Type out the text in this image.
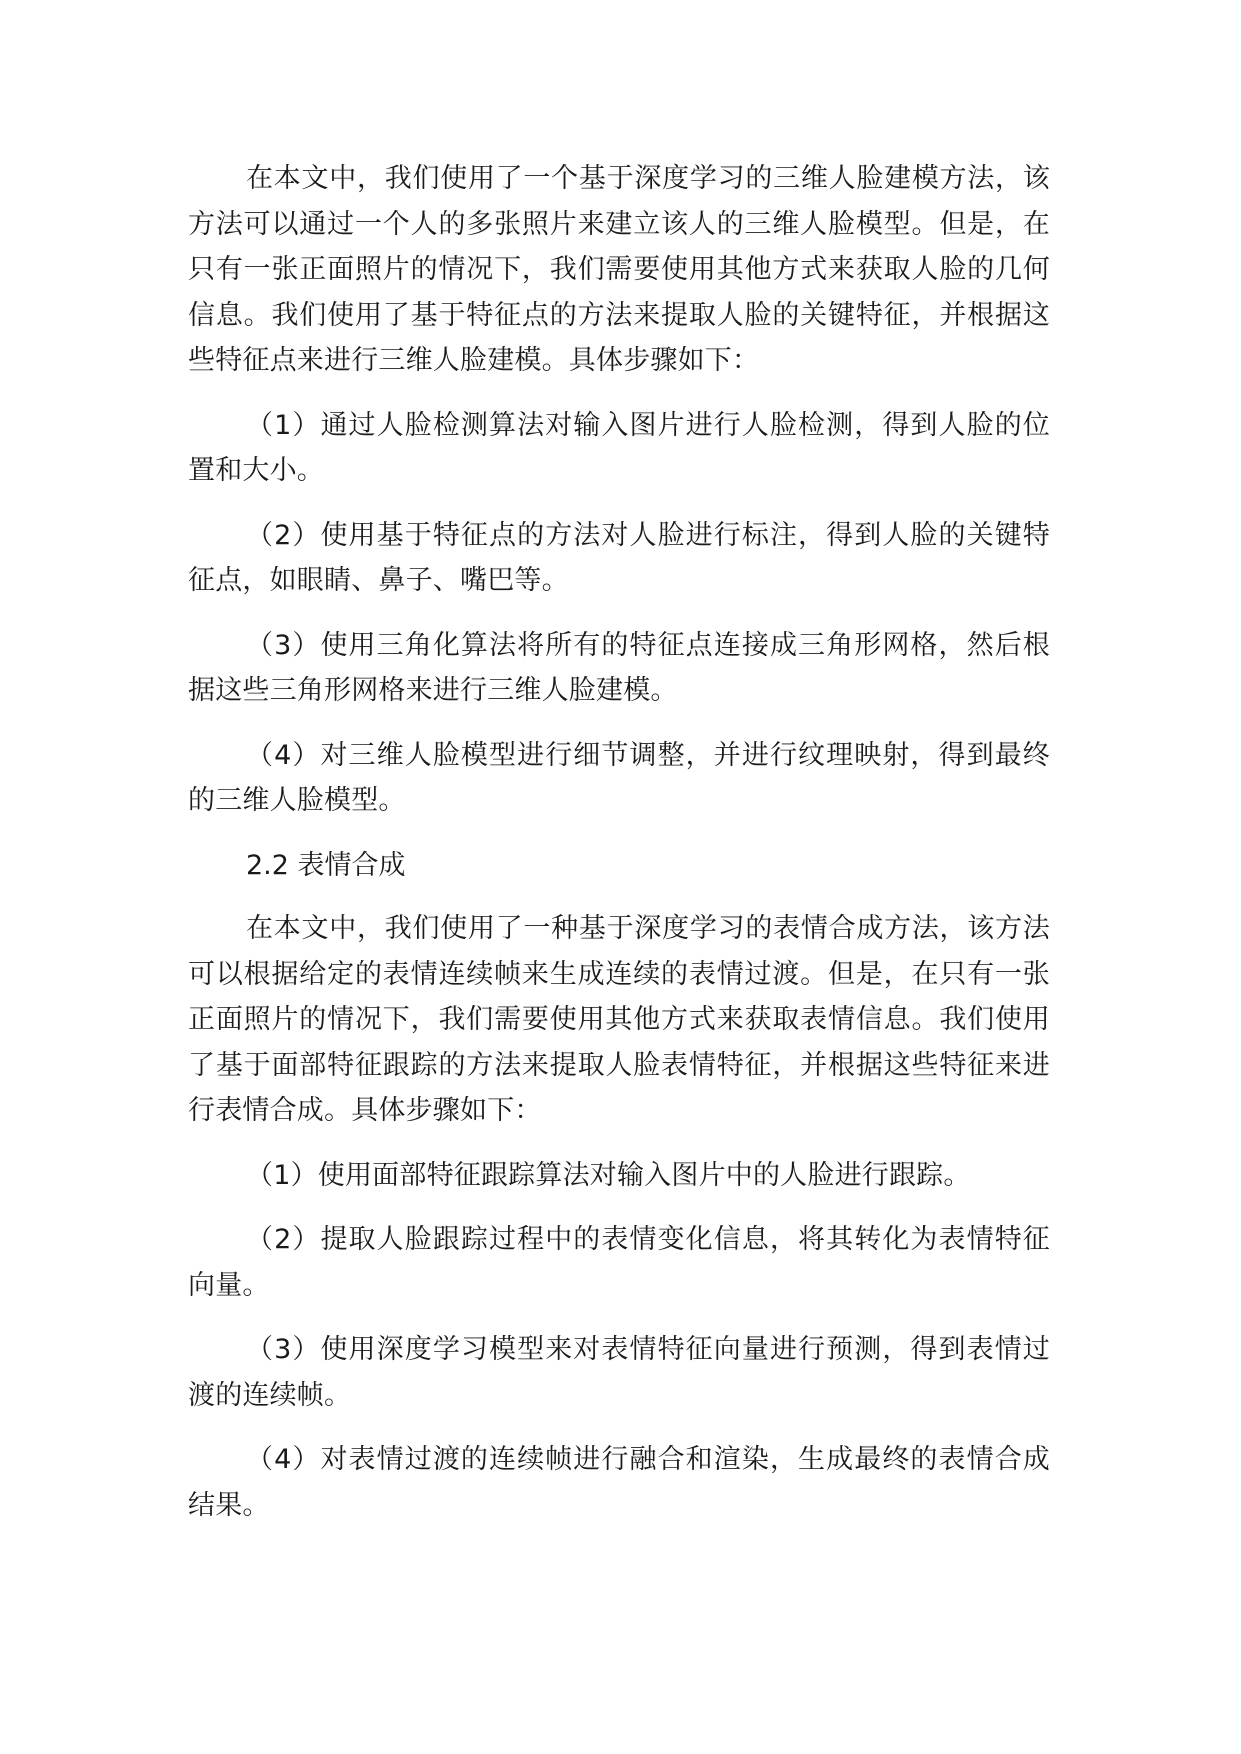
在本文中，我们使用了一个基于深度学习的三维人脸建模方法，该方法可以通过一个人的多张照片来建立该人的三维人脸模型。但是，在只有一张正面照片的情况下，我们需要使用其他方式来获取人脸的几何信息。我们使用了基于特征点的方法来提取人脸的关键特征，并根据这些特征点来进行三维人脸建模。具体步骤如下：

（1）通过人脸检测算法对输入图片进行人脸检测，得到人脸的位置和大小。

（2）使用基于特征点的方法对人脸进行标注，得到人脸的关键特征点，如眼睛、鼻子、嘴巴等。

（3）使用三角化算法将所有的特征点连接成三角形网格，然后根据这些三角形网格来进行三维人脸建模。

（4）对三维人脸模型进行细节调整，并进行纹理映射，得到最终的三维人脸模型。

2.2 表情合成

在本文中，我们使用了一种基于深度学习的表情合成方法，该方法可以根据给定的表情连续帧来生成连续的表情过渡。但是，在只有一张正面照片的情况下，我们需要使用其他方式来获取表情信息。我们使用了基于面部特征跟踪的方法来提取人脸表情特征，并根据这些特征来进行表情合成。具体步骤如下：

（1）使用面部特征跟踪算法对输入图片中的人脸进行跟踪。

（2）提取人脸跟踪过程中的表情变化信息，将其转化为表情特征向量。

（3）使用深度学习模型来对表情特征向量进行预测，得到表情过渡的连续帧。

（4）对表情过渡的连续帧进行融合和渲染，生成最终的表情合成结果。
